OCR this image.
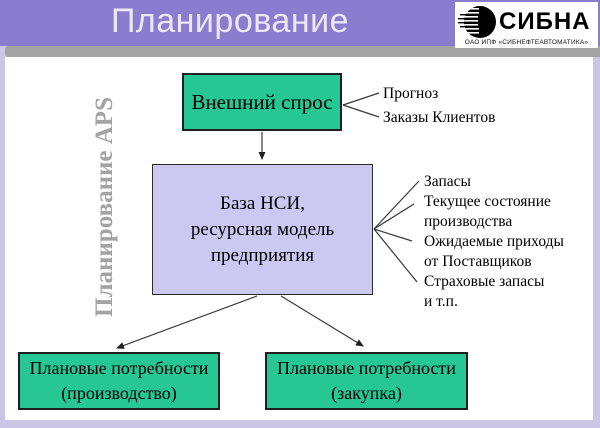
Планирование	СИБНА
ОАО ИПФ «СИБНЕФТЕАВТОМАТИКА»
Планирование APS	Внешний спрос
База НСИ,
ресурсная модель
предприятия
Плановые потребности
(производство)
Плановые потребности
(закупка)
Прогноз
Заказы Клиентов
Запасы
Текущее состояние
производства
Ожидаемые приходы
от Поставщиков
Страховые запасы
и т.п.
